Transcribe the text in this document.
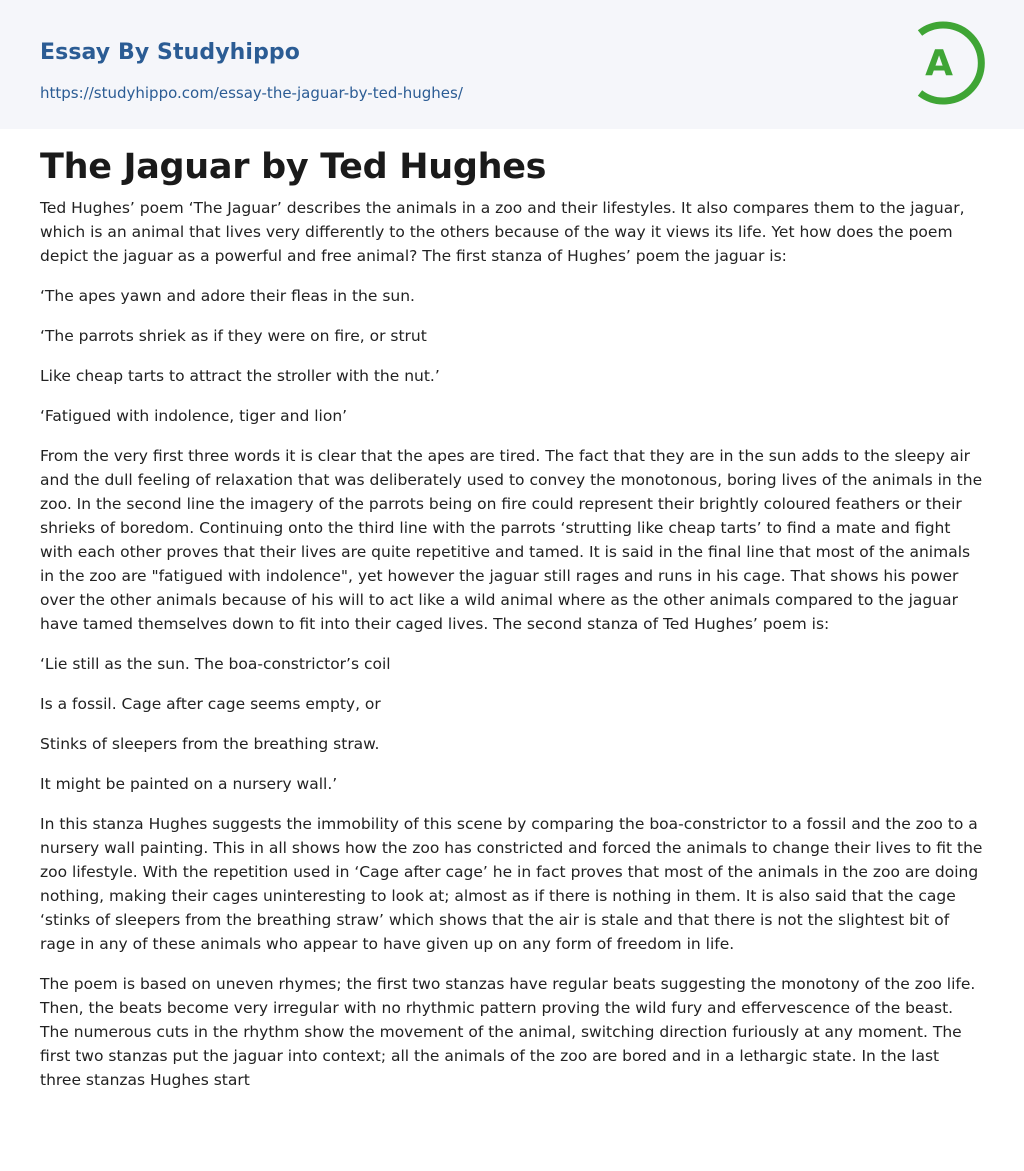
Essay By Studyhippo
https://studyhippo.com/essay-the-jaguar-by-ted-hughes/
A
The Jaguar by Ted Hughes

Ted Hughes’ poem ‘The Jaguar’ describes the animals in a zoo and their lifestyles. It also compares them to the jaguar, which is an animal that lives very differently to the others because of the way it views its life. Yet how does the poem depict the jaguar as a powerful and free animal? The first stanza of Hughes’ poem the jaguar is:

‘The apes yawn and adore their fleas in the sun.

‘The parrots shriek as if they were on fire, or strut

Like cheap tarts to attract the stroller with the nut.’

‘Fatigued with indolence, tiger and lion’

From the very first three words it is clear that the apes are tired. The fact that they are in the sun adds to the sleepy air and the dull feeling of relaxation that was deliberately used to convey the monotonous, boring lives of the animals in the zoo. In the second line the imagery of the parrots being on fire could represent their brightly coloured feathers or their shrieks of boredom. Continuing onto the third line with the parrots ‘strutting like cheap tarts’ to find a mate and fight with each other proves that their lives are quite repetitive and tamed. It is said in the final line that most of the animals in the zoo are "fatigued with indolence", yet however the jaguar still rages and runs in his cage. That shows his power over the other animals because of his will to act like a wild animal where as the other animals compared to the jaguar have tamed themselves down to fit into their caged lives. The second stanza of Ted Hughes’ poem is:

‘Lie still as the sun. The boa-constrictor’s coil

Is a fossil. Cage after cage seems empty, or

Stinks of sleepers from the breathing straw.

It might be painted on a nursery wall.’

In this stanza Hughes suggests the immobility of this scene by comparing the boa-constrictor to a fossil and the zoo to a nursery wall painting. This in all shows how the zoo has constricted and forced the animals to change their lives to fit the zoo lifestyle. With the repetition used in ‘Cage after cage’ he in fact proves that most of the animals in the zoo are doing nothing, making their cages uninteresting to look at; almost as if there is nothing in them. It is also said that the cage ‘stinks of sleepers from the breathing straw’ which shows that the air is stale and that there is not the slightest bit of rage in any of these animals who appear to have given up on any form of freedom in life.

The poem is based on uneven rhymes; the first two stanzas have regular beats suggesting the monotony of the zoo life. Then, the beats become very irregular with no rhythmic pattern proving the wild fury and effervescence of the beast. The numerous cuts in the rhythm show the movement of the animal, switching direction furiously at any moment. The first two stanzas put the jaguar into context; all the animals of the zoo are bored and in a lethargic state. In the last three stanzas Hughes start
